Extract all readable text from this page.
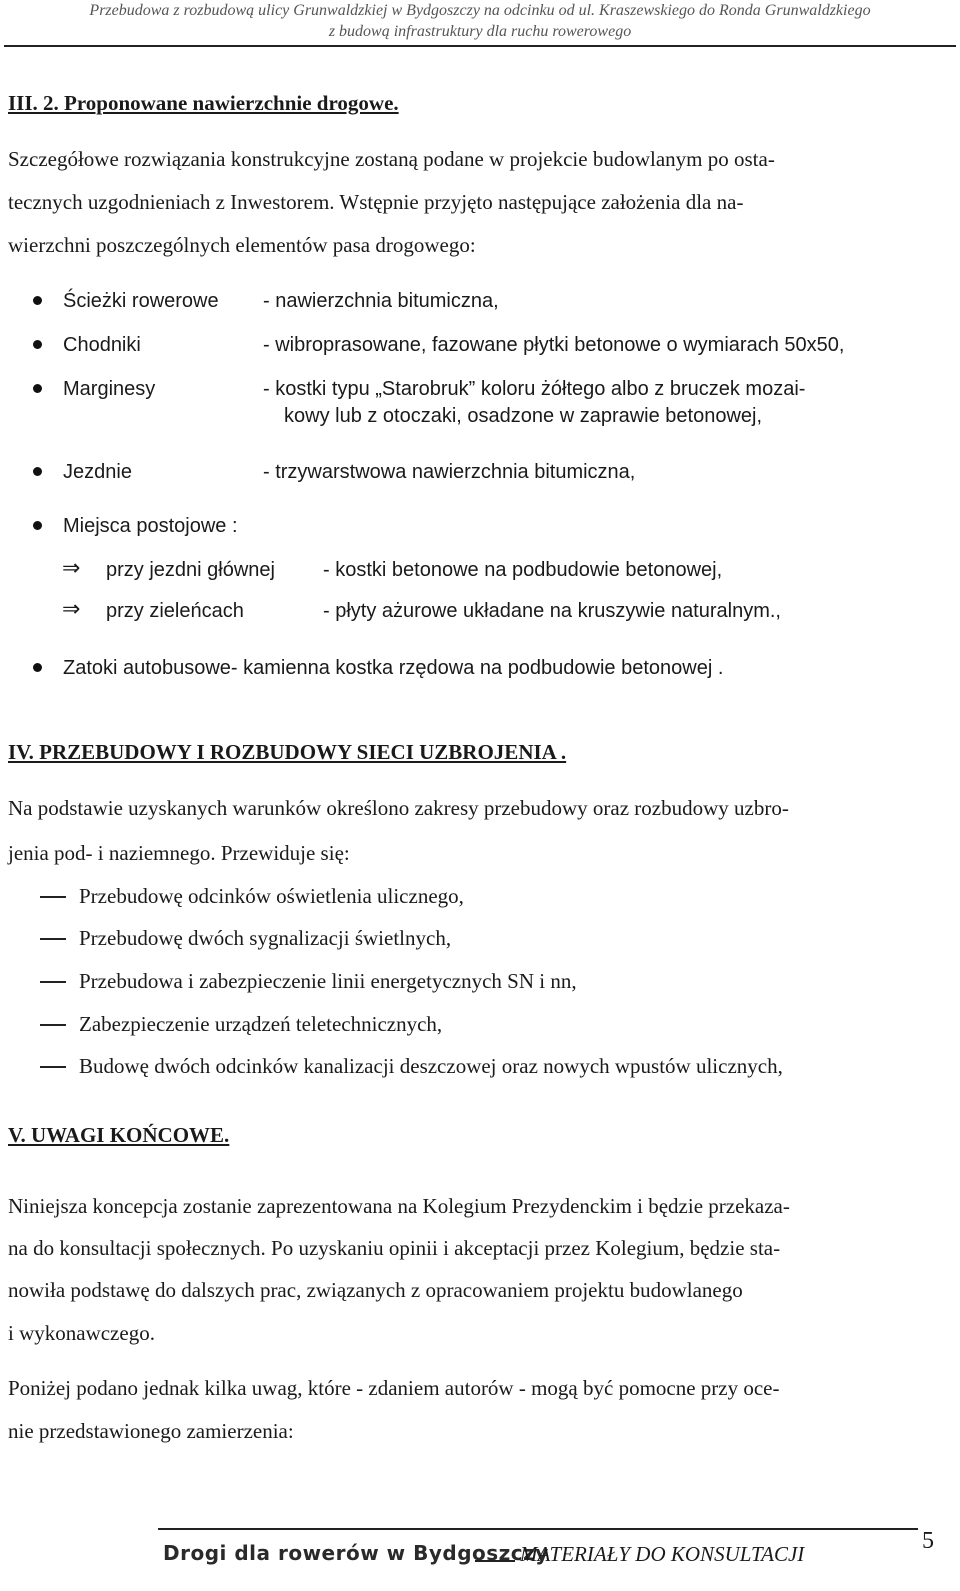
Przebudowa z rozbudową ulicy Grunwaldzkiej w Bydgoszczy na odcinku od ul. Kraszewskiego do Ronda Grunwaldzkiego
z budową infrastruktury dla ruchu rowerowego
III. 2. Proponowane nawierzchnie drogowe.
Szczegółowe rozwiązania konstrukcyjne zostaną podane w projekcie budowlanym po osta-
tecznych uzgodnieniach z Inwestorem. Wstępnie przyjęto następujące założenia dla na-
wierzchni poszczególnych elementów pasa drogowego:
Ścieżki rowerowe - nawierzchnia bitumiczna,
Chodniki	- wibroprasowane, fazowane płytki betonowe o wymiarach 50x50,
Marginesy	- kostki typu „Starobruk” koloru żółtego albo z bruczek mozai-
kowy lub z otoczaki, osadzone w zaprawie betonowej,
Jezdnie	- trzywarstwowa nawierzchnia bitumiczna,
Miejsca postojowe :
⇒ przy jezdni głównej - kostki betonowe na podbudowie betonowej,
⇒ przy zieleńcach	- płyty ażurowe układane na kruszywie naturalnym.,
Zatoki autobusowe- kamienna kostka rzędowa na podbudowie betonowej .
IV. PRZEBUDOWY I ROZBUDOWY SIECI UZBROJENIA .
Na podstawie uzyskanych warunków określono zakresy przebudowy oraz rozbudowy uzbro-
jenia pod- i naziemnego. Przewiduje się:
Przebudowę odcinków oświetlenia ulicznego,
Przebudowę dwóch sygnalizacji świetlnych,
Przebudowa i zabezpieczenie linii energetycznych SN i nn,
Zabezpieczenie urządzeń teletechnicznych,
Budowę dwóch odcinków kanalizacji deszczowej oraz nowych wpustów ulicznych,
V. UWAGI KOŃCOWE.
Niniejsza koncepcja zostanie zaprezentowana na Kolegium Prezydenckim i będzie przekaza-
na do konsultacji społecznych. Po uzyskaniu opinii i akceptacji przez Kolegium, będzie sta-
nowiła podstawę do dalszych prac, związanych z opracowaniem projektu budowlanego
i wykonawczego.
Poniżej podano jednak kilka uwag, które - zdaniem autorów - mogą być pomocne przy oce-
nie przedstawionego zamierzenia:
Drogi dla rowerów w Bydgoszczy
MATERIAŁY DO KONSULTACJI	5
